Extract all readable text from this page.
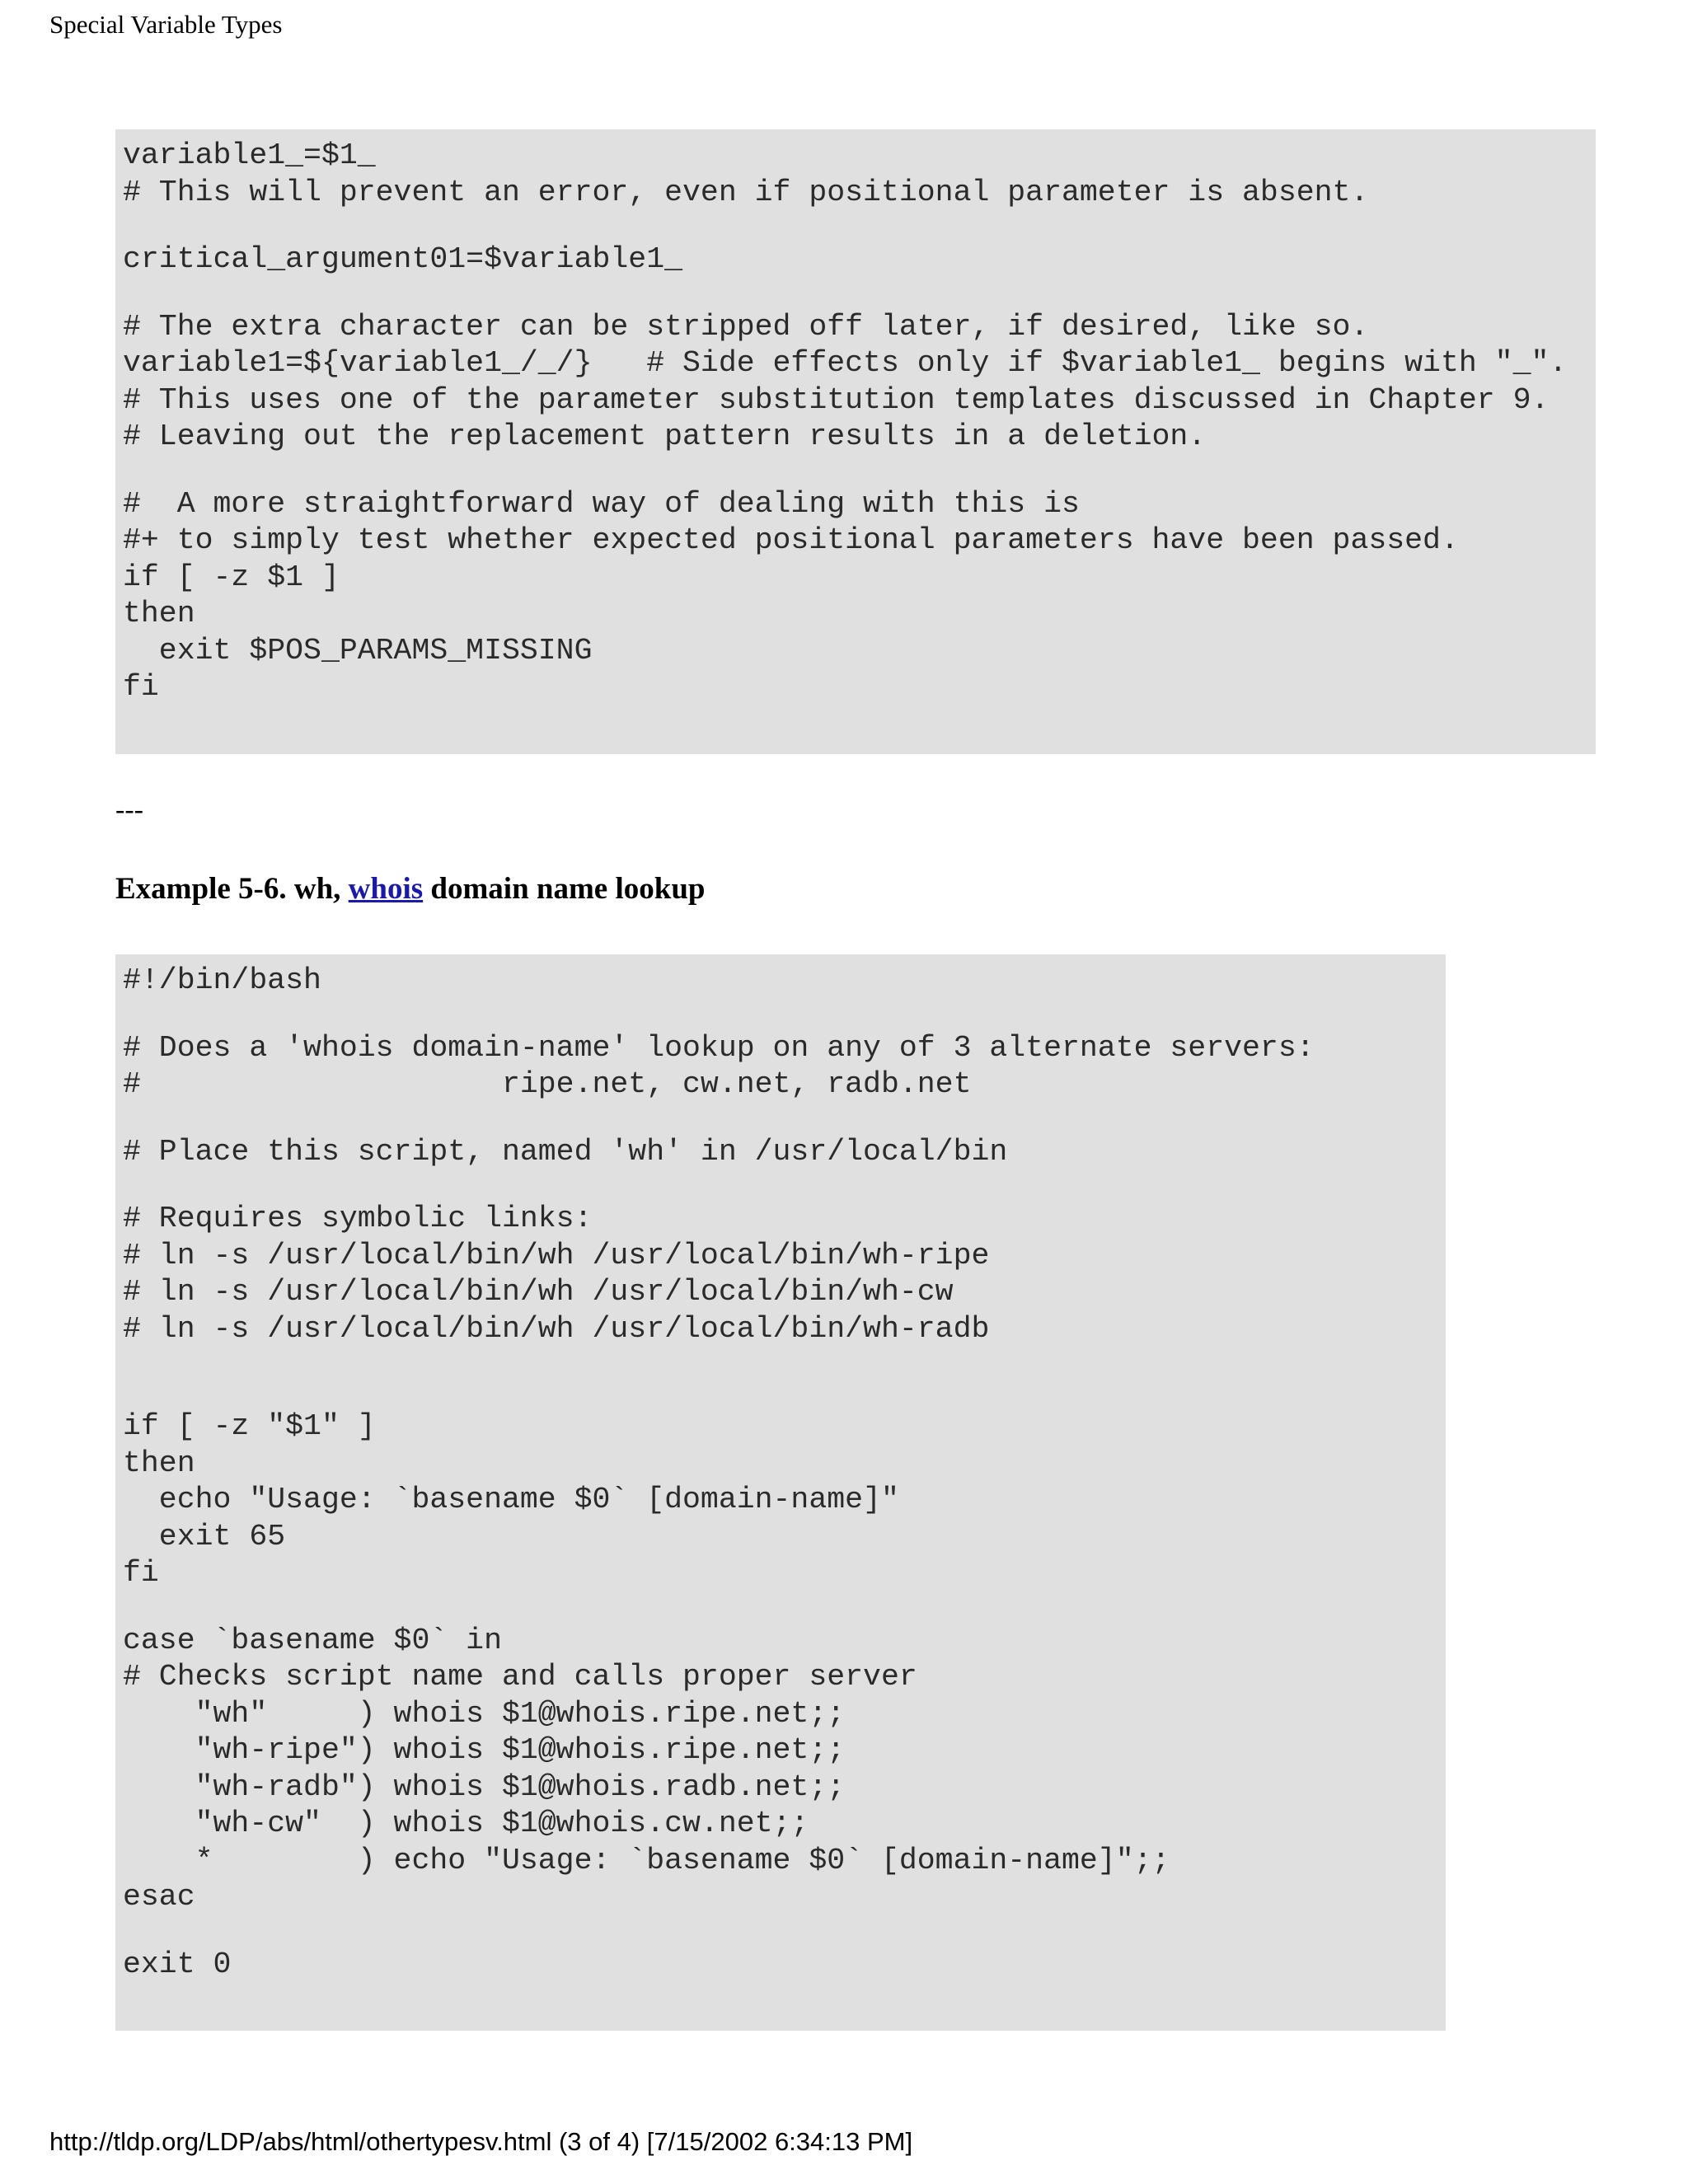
Special Variable Types
variable1_=$1_
# This will prevent an error, even if positional parameter is absent.
critical_argument01=$variable1_
# The extra character can be stripped off later, if desired, like so.
variable1=${variable1_/_/}   # Side effects only if $variable1_ begins with "_".
# This uses one of the parameter substitution templates discussed in Chapter 9.
# Leaving out the replacement pattern results in a deletion.
#  A more straightforward way of dealing with this is
#+ to simply test whether expected positional parameters have been passed.
if [ -z $1 ]
then
exit $POS_PARAMS_MISSING
fi
---
Example 5-6. wh, whois domain name lookup
#!/bin/bash
# Does a 'whois domain-name' lookup on any of 3 alternate servers:
#                    ripe.net, cw.net, radb.net
# Place this script, named 'wh' in /usr/local/bin
# Requires symbolic links:
# ln -s /usr/local/bin/wh /usr/local/bin/wh-ripe
# ln -s /usr/local/bin/wh /usr/local/bin/wh-cw
# ln -s /usr/local/bin/wh /usr/local/bin/wh-radb
if [ -z "$1" ]
then
echo "Usage: `basename $0` [domain-name]"
exit 65
fi
case `basename $0` in
# Checks script name and calls proper server
"wh"     ) whois $1@whois.ripe.net;;
"wh-ripe") whois $1@whois.ripe.net;;
"wh-radb") whois $1@whois.radb.net;;
"wh-cw"  ) whois $1@whois.cw.net;;
*        ) echo "Usage: `basename $0` [domain-name]";;
esac
exit 0
http://tldp.org/LDP/abs/html/othertypesv.html (3 of 4) [7/15/2002 6:34:13 PM]
